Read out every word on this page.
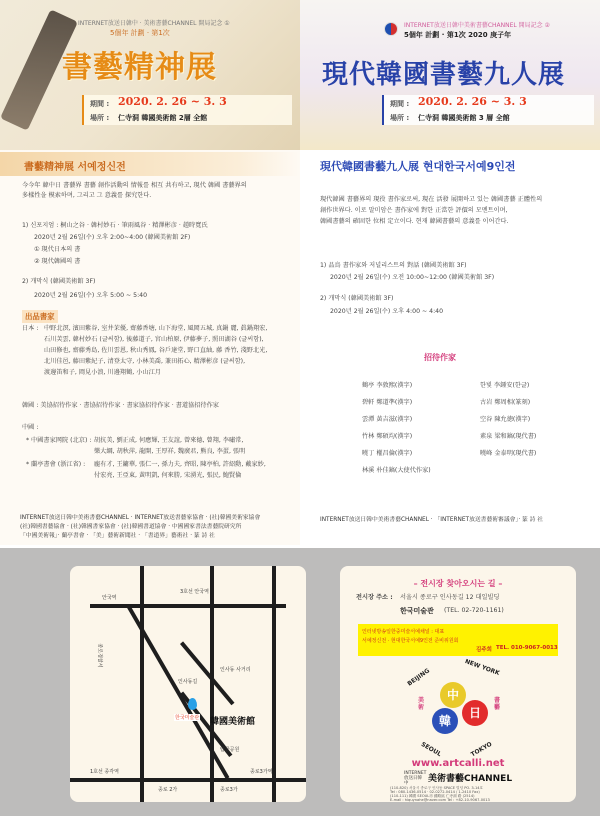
INTERNET放送日韓中 · 美術書藝CHANNEL 開局記念 ①
5個年 計劃 · 第1次
書藝精神展
期間 : 2020. 2. 26 ~ 3. 3
場所 : 仁寺洞 韓國美術館 2層 全館
INTERNET放送日韓中美術書藝CHANNEL 開局記念 ②
5個年 計劃 · 第1次 2020 庚子年
現代韓國書藝九人展
期間 : 2020. 2. 26 ~ 3. 3
場所 : 仁寺洞 韓國美術館 3 層 全館
書藝精神展 서예정신전
今今年 韓中日 書藝界 書藝 創作活動의 情報를 相互 共有하고, 現代 韓國 書藝界의
多樣性을 模索하며, 그리고 그 意義를 探究한다.
1) 신포지엄 : 桐山之谷 · 韓村妙石 · 筆雨風谷 · 精澤彬彦 · 趙時寬氏
2020년 2월 26일(수) 오후 2:00~4:00 (韓國美術館 2F)
① 現代日本의 書
② 現代韓國의 書
2) 개막식 (韓國美術館 3F)
2020년 2월 26일(수) 오후 5:00 ~ 5:40
出品書家
日本 : 中野北溟, 濱田紫谷, 室井茉優, 齋藤香塘, 山下海堂, 風岡五城, 真鍋 麗, 眞鍋翔宏,
石川芙雲, 韓村妙石 (글씨함), 後藤道子, 宮山柏原, 伊藤夢子, 照田湖谷 (글씨함),
山田修也, 齋藤秀島, 佐川雲恩, 秋山秀鳳, 谷戶達堂, 野口直紬, 藤 香竹, 淺野北光,
北川佳邑, 藤田紫紀子, 清登太守, 小林美喬, 兼田拓心, 精澤彬彦 (글씨함),
渡邊笛和子, 岡見小浪, 川邊翔鶴, 小山江月
韓國 : 美協招待作家 · 書協招待作家 · 書家協招待作家 · 書道協招待作家
中國 :
* 中國書家网院 (北京) : 胡抗美, 劉正成, 何應輝, 王友誼, 曾來德, 曾翔, 李嘯常,
樂大綱, 胡秋萍, 龍開, 王厚祥, 魏廣君, 熊良, 李蛋, 張明
* 蘭亭書會 (浙江省) : 龐有才, 王鏞華, 張仁一, 孫力夫, 齊昭, 陳亭柏, 許紹勳, 戴家妙,
付宏亮, 王亞東, 黃明凱, 何來勝, 宋湧光, 張民, 鮑賢倫
INTERNET放送日韓中美術書藝CHANNEL · INTERNET放送書藝家協會 · (社)韓國美術家協會
(社)韓國書藝協會 · (社)韓國書家協會 · (社)韓國書道協會 · 中國國家書法書藝院研究所
「中國美術報」· 蘭亭書會 · 「美」藝術新聞社 · 「書道界」藝術社 · 篆 詩 社
現代韓國書藝九人展 현대한국서예9인전
現代韓國 書藝界의 現役 書作家로써, 現在 活發 展開하고 있는 韓國書藝 正體性의
創作世界다. 이로 말미암은 書作家에 對한 正當한 評價의 모멘트이며,
韓國書藝의 確固한 位相 定立이다. 현재 韓國書藝의 意義를 이어간다.
1) 品鳥 書作家와 저널리스트의 對話 (韓國美術館 3F)
2020년 2월 26일(수) 오전 10:00~12:00 (韓國美術館 3F)
2) 개막식 (韓國美術館 3F)
2020년 2월 26일(수) 오후 4:00 ~ 4:40
招待作家
鶴亭 李敦熙(漢字)	한빛 李鍾安(한글)
碧軒 鄭道準(漢字)	古岩 鄭周相(篆刻)
雲潭 黃吉滋(漢字)	空谷 陳允徳(漢字)
竹林 鄭碩均(漢字)	素泉 梁和鎬(現代書)
曉丁 權昌倫(漢字)	曉峰 金泰明(現代書)
林溪 朴佳鎬(大使代作家)
INTERNET放送日韓中美術書藝CHANNEL · 「INTERNET放送書藝術審議會」· 篆 詩 社
안국역
3호선 안국역
종로경찰서
인사동길
인사동 사거리
종로3가역
1호선 종각역
종로 2가	종로3가
탑골공원
한국미술관 韓國美術館
– 전시장 찾아오시는 길 –
전시장 주소 : 서울시 종로구 인사동길 12 대일빌딩
한국미술관 (TEL. 02-720-1161)
인터넷방송일한중미술서예채널 : 대표
서예정신전 · 현대한국서예9인전 준비위원회
김주희 TEL. 010-9067-0013
NEW YORK
BEIJING
SEOUL	TOKYO
中
日
韓
美術
書藝
www.artcalli.net
INTERNET放送日韓中	美術書藝CHANNEL
(110-820) 서울시 종로구 인사동 SPACE 빌딩 PO. 3-14호
Tel : 080-1436-0514 · 02-0272-0414 / 1-2410 Fax)
(110-111) 韓國 SEOUL市 鍾路區 仁寺洞 路 (2514)
E-mail : hiquynahe@naver.com Tel : +82-10-9067-0013
